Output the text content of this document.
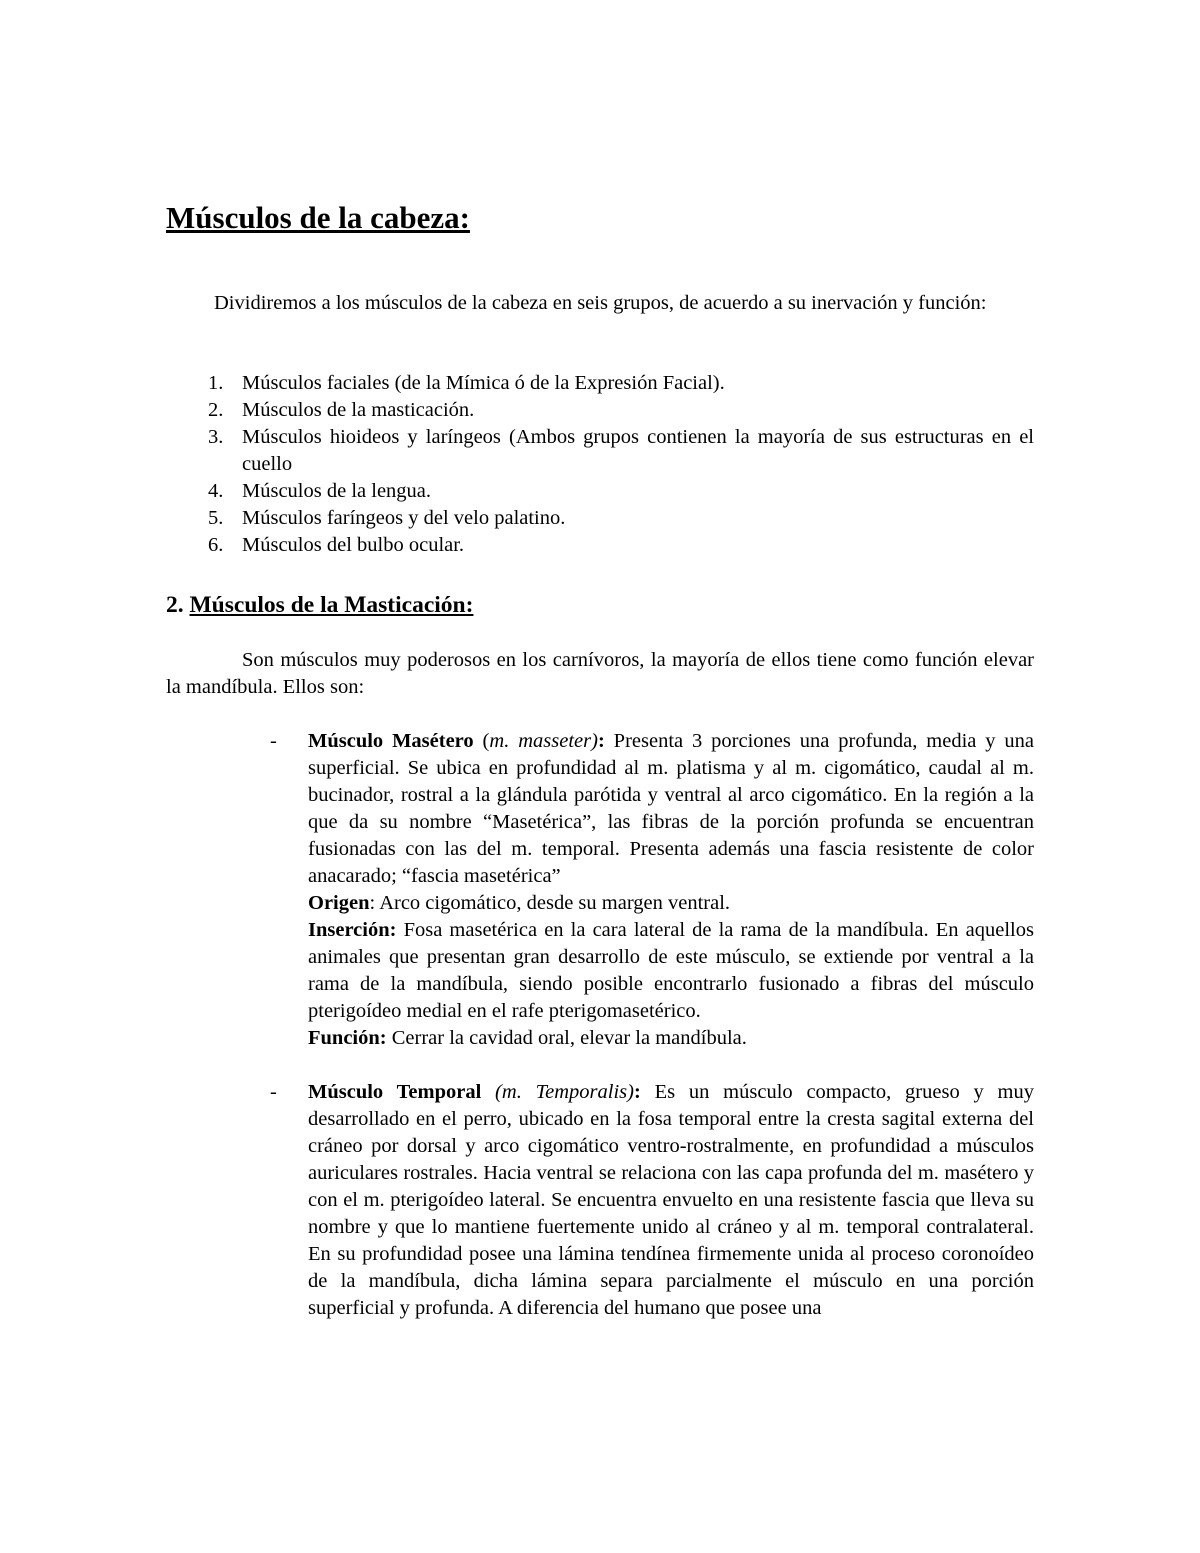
Músculos de la cabeza:

Dividiremos a los músculos de la cabeza en seis grupos, de acuerdo a su inervación y función:

1. Músculos faciales (de la Mímica ó de la Expresión Facial).
2. Músculos de la masticación.
3. Músculos hioideos y laríngeos (Ambos grupos contienen la mayoría de sus estructuras en el cuello
4. Músculos de la lengua.
5. Músculos faríngeos y del velo palatino.
6. Músculos del bulbo ocular.
2. Músculos de la Masticación:

Son músculos muy poderosos en los carnívoros, la mayoría de ellos tiene como función elevar la mandíbula. Ellos son:

- Músculo Masétero (m. masseter): Presenta 3 porciones una profunda, media y una superficial. Se ubica en profundidad al m. platisma y al m. cigomático, caudal al m. bucinador, rostral a la glándula parótida y ventral al arco cigomático. En la región a la que da su nombre “Masetérica”, las fibras de la porción profunda se encuentran fusionadas con las del m. temporal. Presenta además una fascia resistente de color anacarado; “fascia masetérica”

Origen: Arco cigomático, desde su margen ventral.

Inserción: Fosa masetérica en la cara lateral de la rama de la mandíbula. En aquellos animales que presentan gran desarrollo de este músculo, se extiende por ventral a la rama de la mandíbula, siendo posible encontrarlo fusionado a fibras del músculo pterigoídeo medial en el rafe pterigomasetérico.

Función: Cerrar la cavidad oral, elevar la mandíbula.

- Músculo Temporal (m. Temporalis): Es un músculo compacto, grueso y muy desarrollado en el perro, ubicado en la fosa temporal entre la cresta sagital externa del cráneo por dorsal y arco cigomático ventro-rostralmente, en profundidad a músculos auriculares rostrales. Hacia ventral se relaciona con las capa profunda del m. masétero y con el m. pterigoídeo lateral. Se encuentra envuelto en una resistente fascia que lleva su nombre y que lo mantiene fuertemente unido al cráneo y al m. temporal contralateral. En su profundidad posee una lámina tendínea firmemente unida al proceso coronoídeo de la mandíbula, dicha lámina separa parcialmente el músculo en una porción superficial y profunda. A diferencia del humano que posee una
